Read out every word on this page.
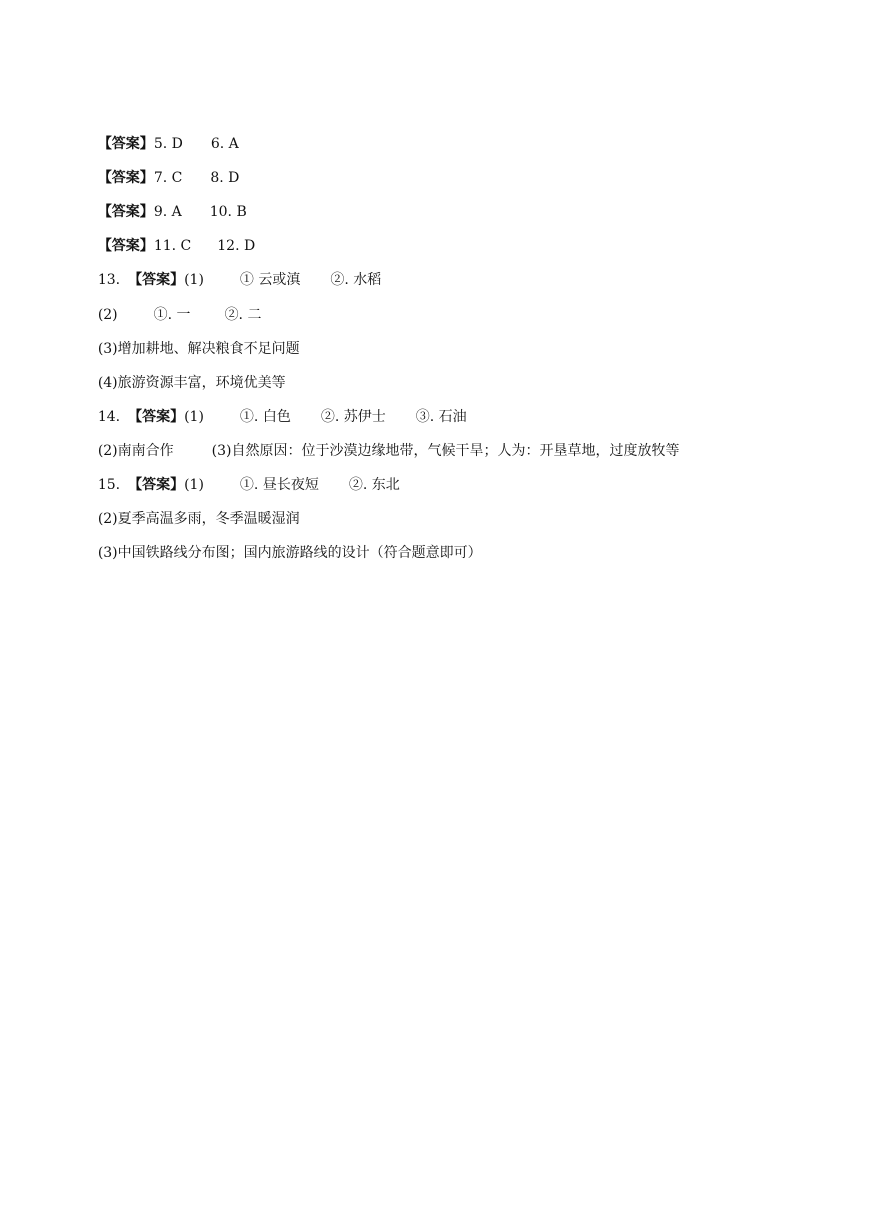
【答案】5. D 6. A

【答案】7. C 8. D

【答案】9. A 10. B

【答案】11. C 12. D

13. 【答案】(1)	① 云或滇 ②. 水稻

(2)	①. 一 ②. 二

(3)增加耕地、解决粮食不足问题

(4)旅游资源丰富，环境优美等

14. 【答案】(1)	①. 白色 ②. 苏伊士 ③. 石油

(2)南南合作	(3)自然原因：位于沙漠边缘地带，气候干旱；人为：开垦草地，过度放牧等

15. 【答案】(1)	①. 昼长夜短 ②. 东北

(2)夏季高温多雨，冬季温暖湿润

(3)中国铁路线分布图；国内旅游路线的设计（符合题意即可）
